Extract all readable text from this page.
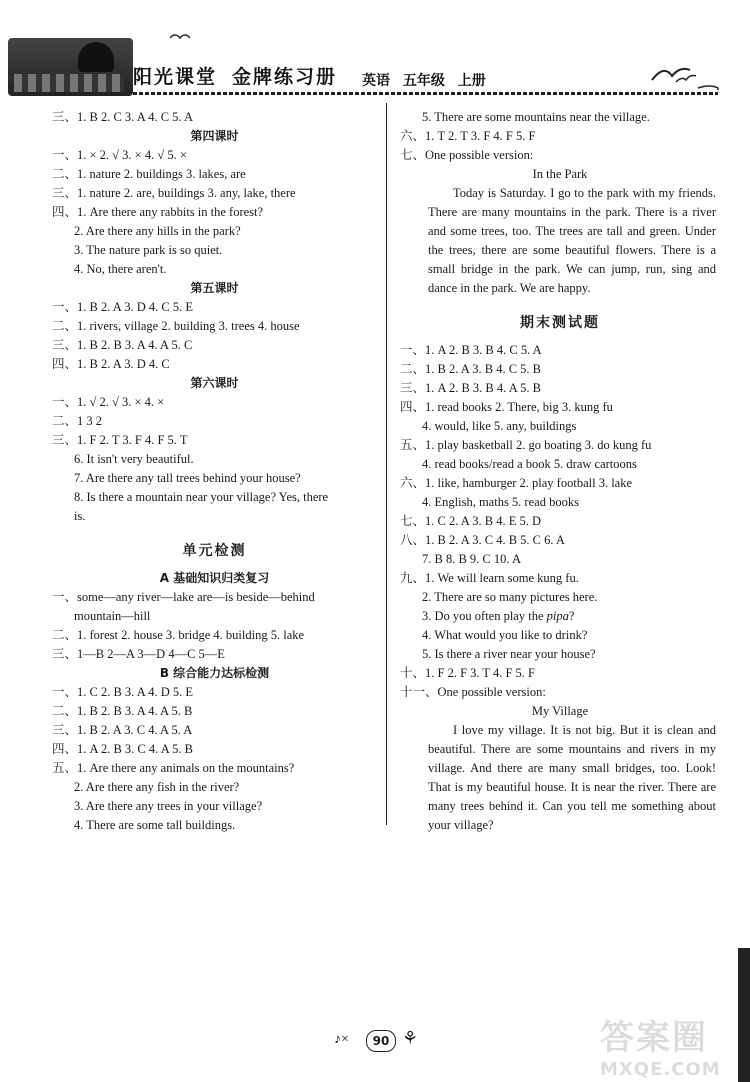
阳光课堂 金牌练习册 英语 五年级 上册
三、1. B 2. C 3. A 4. C 5. A
第四课时
一、1. × 2. √ 3. × 4. √ 5. ×
二、1. nature 2. buildings 3. lakes, are
三、1. nature 2. are, buildings 3. any, lake, there
四、1. Are there any rabbits in the forest?
2. Are there any hills in the park?
3. The nature park is so quiet.
4. No, there aren't.
第五课时
一、1. B 2. A 3. D 4. C 5. E
二、1. rivers, village 2. building 3. trees 4. house
三、1. B 2. B 3. A 4. A 5. C
四、1. B 2. A 3. D 4. C
第六课时
一、1. √ 2. √ 3. × 4. ×
二、1 3 2
三、1. F 2. T 3. F 4. F 5. T
6. It isn't very beautiful.
7. Are there any tall trees behind your house?
8. Is there a mountain near your village? Yes, there
is.
单元检测
A 基础知识归类复习
一、some—any river—lake are—is beside—behind
mountain—hill
二、1. forest 2. house 3. bridge 4. building 5. lake
三、1—B 2—A 3—D 4—C 5—E
B 综合能力达标检测
一、1. C 2. B 3. A 4. D 5. E
二、1. B 2. B 3. A 4. A 5. B
三、1. B 2. A 3. C 4. A 5. A
四、1. A 2. B 3. C 4. A 5. B
五、1. Are there any animals on the mountains?
2. Are there any fish in the river?
3. Are there any trees in your village?
4. There are some tall buildings.
5. There are some mountains near the village.
六、1. T 2. T 3. F 4. F 5. F
七、One possible version:
In the Park
Today is Saturday. I go to the park with my friends. There are many mountains in the park. There is a river and some trees, too. The trees are tall and green. Under the trees, there are some beautiful flowers. There is a small bridge in the park. We can jump, run, sing and dance in the park. We are happy.
期末测试题
一、1. A 2. B 3. B 4. C 5. A
二、1. B 2. A 3. B 4. C 5. B
三、1. A 2. B 3. B 4. A 5. B
四、1. read books 2. There, big 3. kung fu
4. would, like 5. any, buildings
五、1. play basketball 2. go boating 3. do kung fu
4. read books/read a book 5. draw cartoons
六、1. like, hamburger 2. play football 3. lake
4. English, maths 5. read books
七、1. C 2. A 3. B 4. E 5. D
八、1. B 2. A 3. C 4. B 5. C 6. A
7. B 8. B 9. C 10. A
九、1. We will learn some kung fu.
2. There are so many pictures here.
3. Do you often play the pipa?
4. What would you like to drink?
5. Is there a river near your house?
十、1. F 2. F 3. T 4. F 5. F
十一、One possible version:
My Village
I love my village. It is not big. But it is clean and beautiful. There are some mountains and rivers in my village. And there are many small bridges, too. Look! That is my beautiful house. It is near the river. There are many trees behind it. Can you tell me something about your village?
♪×	90 ⚘	答案圈
MXQE.COM
